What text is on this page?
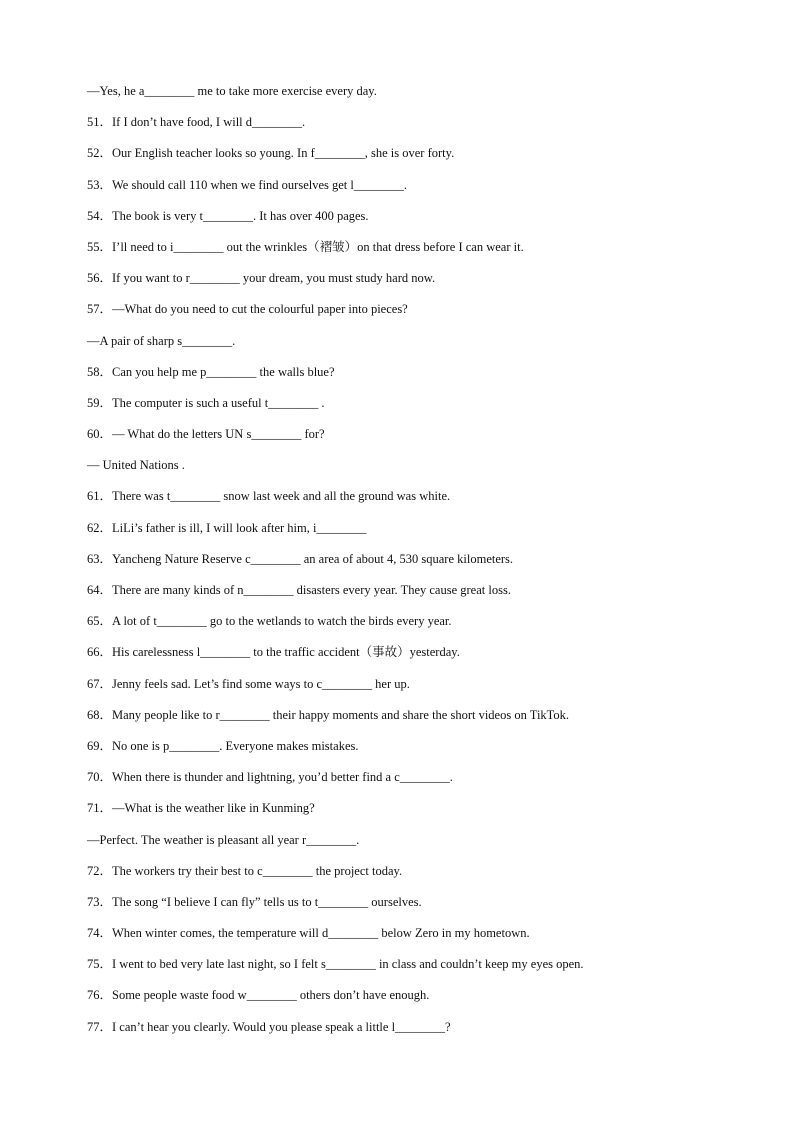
—Yes, he a________ me to take more exercise every day.
51．If I don’t have food, I will d________.
52．Our English teacher looks so young. In f________, she is over forty.
53．We should call 110 when we find ourselves get l________.
54．The book is very t________. It has over 400 pages.
55．I’ll need to i________ out the wrinkles（褶皱）on that dress before I can wear it.
56．If you want to r________ your dream, you must study hard now.
57．—What do you need to cut the colourful paper into pieces?
—A pair of sharp s________.
58．Can you help me p________ the walls blue?
59．The computer is such a useful t________ .
60．— What do the letters UN s________ for?
— United Nations .
61．There was t________ snow last week and all the ground was white.
62．LiLi’s father is ill, I will look after him, i________
63．Yancheng Nature Reserve c________ an area of about 4, 530 square kilometers.
64．There are many kinds of n________ disasters every year. They cause great loss.
65．A lot of t________ go to the wetlands to watch the birds every year.
66．His carelessness l________ to the traffic accident（事故）yesterday.
67．Jenny feels sad. Let’s find some ways to c________ her up.
68．Many people like to r________ their happy moments and share the short videos on TikTok.
69．No one is p________. Everyone makes mistakes.
70．When there is thunder and lightning, you’d better find a c________.
71．—What is the weather like in Kunming?
—Perfect. The weather is pleasant all year r________.
72．The workers try their best to c________ the project today.
73．The song “I believe I can fly” tells us to t________ ourselves.
74．When winter comes, the temperature will d________ below Zero in my hometown.
75．I went to bed very late last night, so I felt s________ in class and couldn’t keep my eyes open.
76．Some people waste food w________ others don’t have enough.
77．I can’t hear you clearly. Would you please speak a little l________?
